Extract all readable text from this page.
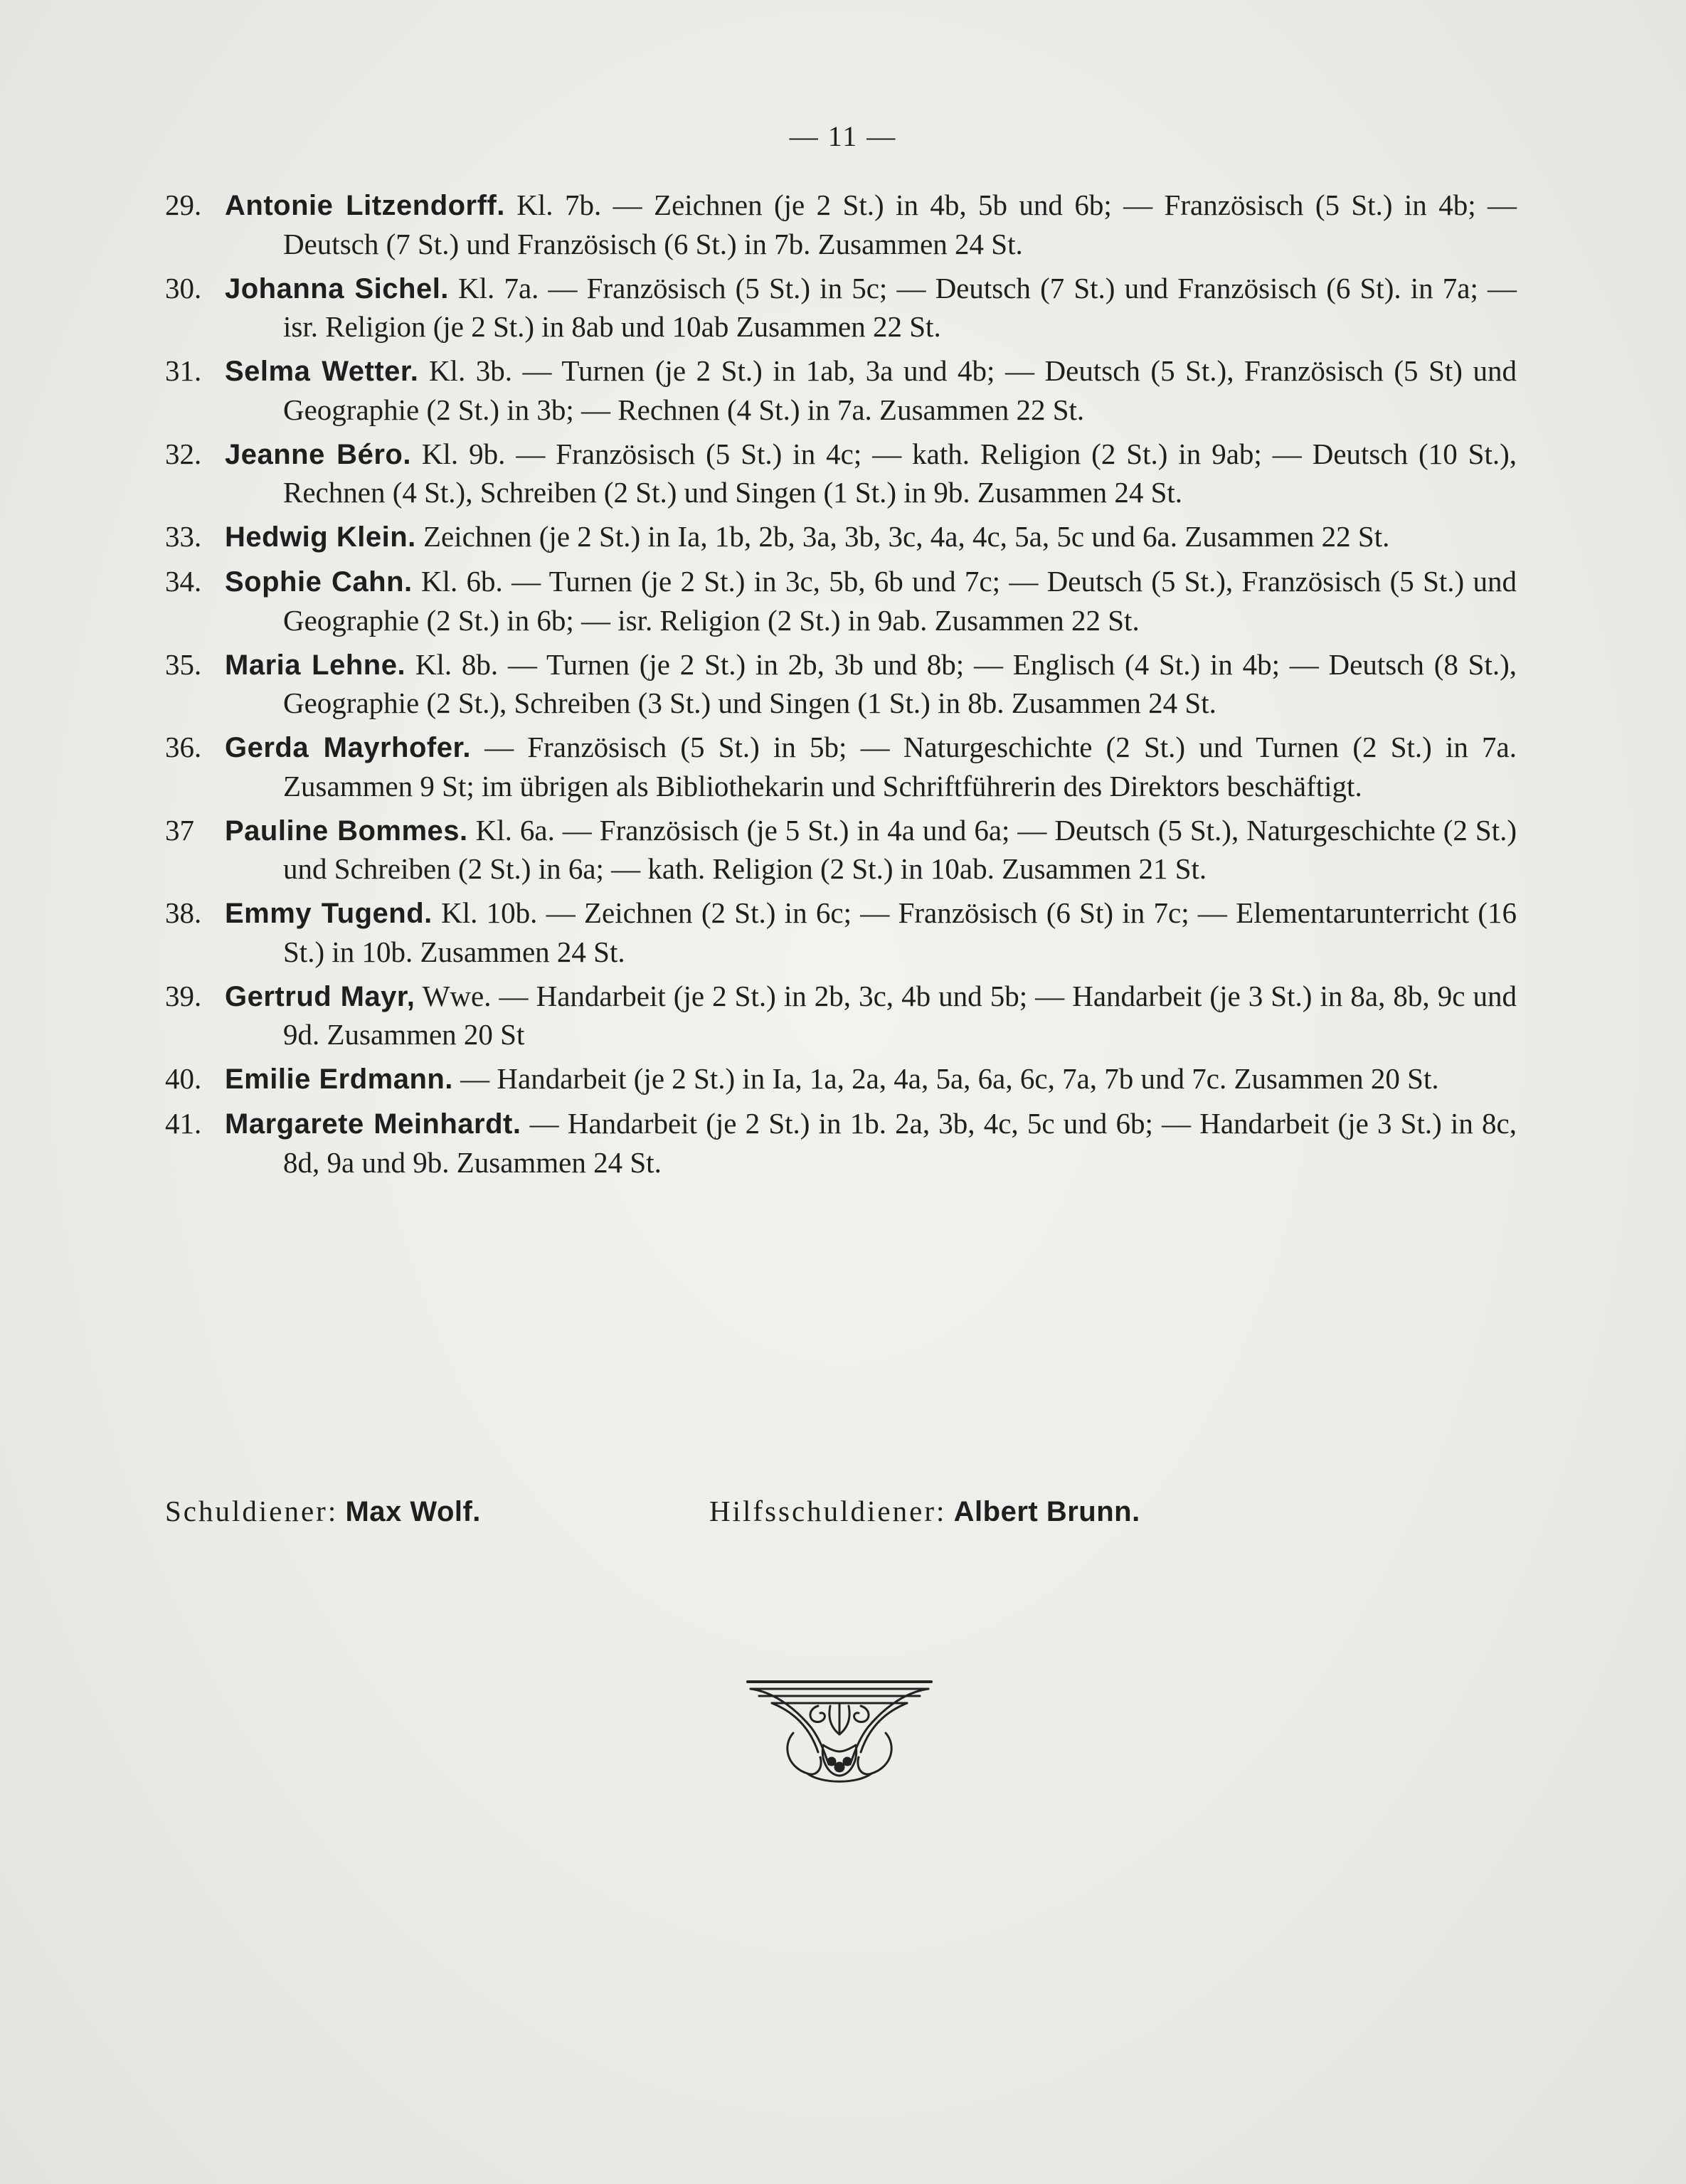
— 11 —
29. Antonie Litzendorff. Kl. 7b. — Zeichnen (je 2 St.) in 4b, 5b und 6b; — Französisch (5 St.) in 4b; — Deutsch (7 St.) und Französisch (6 St.) in 7b. Zusammen 24 St.
30. Johanna Sichel. Kl. 7a. — Französisch (5 St.) in 5c; — Deutsch (7 St.) und Französisch (6 St). in 7a; — isr. Religion (je 2 St.) in 8ab und 10ab Zusammen 22 St.
31. Selma Wetter. Kl. 3b. — Turnen (je 2 St.) in 1ab, 3a und 4b; — Deutsch (5 St.), Französisch (5 St) und Geographie (2 St.) in 3b; — Rechnen (4 St.) in 7a. Zusammen 22 St.
32. Jeanne Béro. Kl. 9b. — Französisch (5 St.) in 4c; — kath. Religion (2 St.) in 9ab; — Deutsch (10 St.), Rechnen (4 St.), Schreiben (2 St.) und Singen (1 St.) in 9b. Zusammen 24 St.
33. Hedwig Klein. Zeichnen (je 2 St.) in Ia, 1b, 2b, 3a, 3b, 3c, 4a, 4c, 5a, 5c und 6a. Zusammen 22 St.
34. Sophie Cahn. Kl. 6b. — Turnen (je 2 St.) in 3c, 5b, 6b und 7c; — Deutsch (5 St.), Französisch (5 St.) und Geographie (2 St.) in 6b; — isr. Religion (2 St.) in 9ab. Zusammen 22 St.
35. Maria Lehne. Kl. 8b. — Turnen (je 2 St.) in 2b, 3b und 8b; — Englisch (4 St.) in 4b; — Deutsch (8 St.), Geographie (2 St.), Schreiben (3 St.) und Singen (1 St.) in 8b. Zusammen 24 St.
36. Gerda Mayrhofer. — Französisch (5 St.) in 5b; — Naturgeschichte (2 St.) und Turnen (2 St.) in 7a. Zusammen 9 St; im übrigen als Bibliothekarin und Schriftführerin des Direktors beschäftigt.
37	Pauline Bommes. Kl. 6a. — Französisch (je 5 St.) in 4a und 6a; — Deutsch (5 St.), Naturgeschichte (2 St.) und Schreiben (2 St.) in 6a; — kath. Religion (2 St.) in 10ab. Zusammen 21 St.
38. Emmy Tugend. Kl. 10b. — Zeichnen (2 St.) in 6c; — Französisch (6 St) in 7c; — Elementarunterricht (16 St.) in 10b. Zusammen 24 St.
39. Gertrud Mayr, Wwe. — Handarbeit (je 2 St.) in 2b, 3c, 4b und 5b; — Handarbeit (je 3 St.) in 8a, 8b, 9c und 9d. Zusammen 20 St
40. Emilie Erdmann. — Handarbeit (je 2 St.) in Ia, 1a, 2a, 4a, 5a, 6a, 6c, 7a, 7b und 7c. Zusammen 20 St.
41. Margarete Meinhardt. — Handarbeit (je 2 St.) in 1b. 2a, 3b, 4c, 5c und 6b; — Handarbeit (je 3 St.) in 8c, 8d, 9a und 9b. Zusammen 24 St.
Schuldiener: Max Wolf.	Hilfsschuldiener: Albert Brunn.
